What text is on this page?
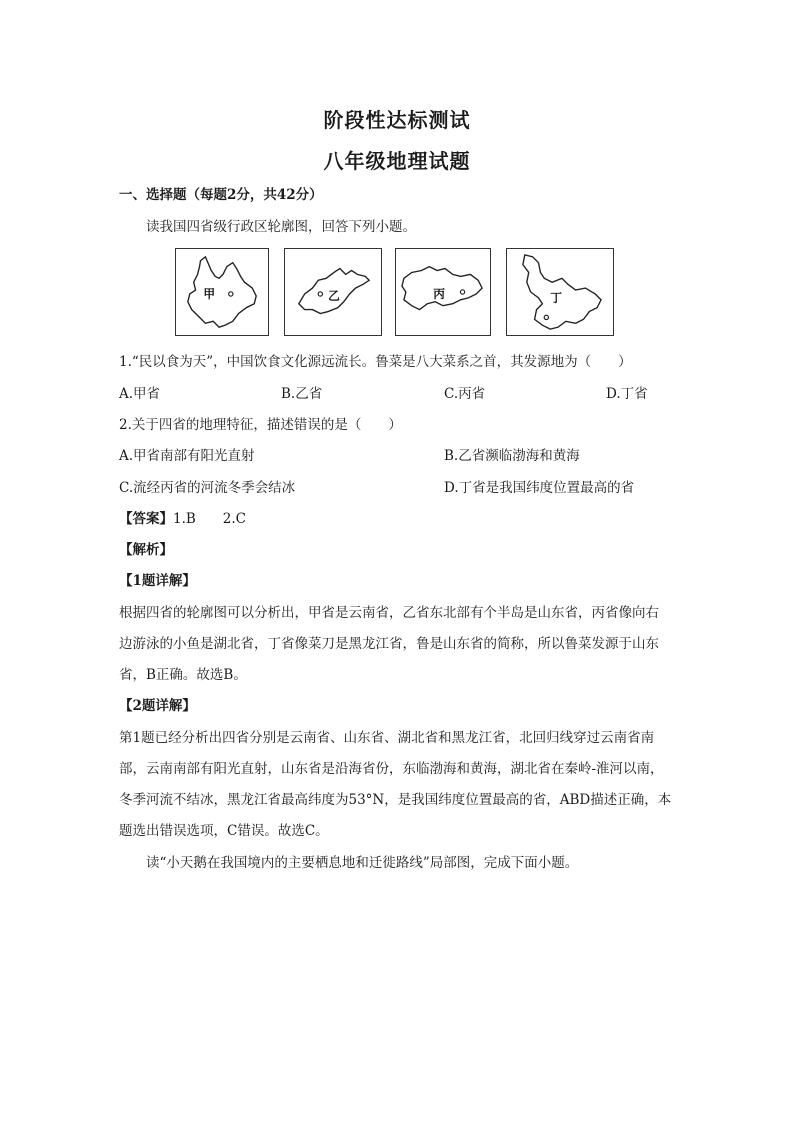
阶段性达标测试
八年级地理试题
一、选择题（每题2分，共42分）
读我国四省级行政区轮廓图，回答下列小题。
甲	乙	丙	丁
1.“民以食为天”，中国饮食文化源远流长。鲁菜是八大菜系之首，其发源地为（　　）
A.甲省	B.乙省	C.丙省	D.丁省
2.关于四省的地理特征，描述错误的是（　　）
A.甲省南部有阳光直射	B.乙省濒临渤海和黄海
C.流经丙省的河流冬季会结冰	D.丁省是我国纬度位置最高的省
【答案】1.B　　2.C
【解析】
【1题详解】
根据四省的轮廓图可以分析出，甲省是云南省，乙省东北部有个半岛是山东省，丙省像向右
边游泳的小鱼是湖北省，丁省像菜刀是黑龙江省，鲁是山东省的简称，所以鲁菜发源于山东
省，B正确。故选B。
【2题详解】
第1题已经分析出四省分别是云南省、山东省、湖北省和黑龙江省，北回归线穿过云南省南
部，云南南部有阳光直射，山东省是沿海省份，东临渤海和黄海，湖北省在秦岭-淮河以南，
冬季河流不结冰，黑龙江省最高纬度为53°N，是我国纬度位置最高的省，ABD描述正确，本
题选出错误选项，C错误。故选C。
读“小天鹅在我国境内的主要栖息地和迁徙路线”局部图，完成下面小题。
